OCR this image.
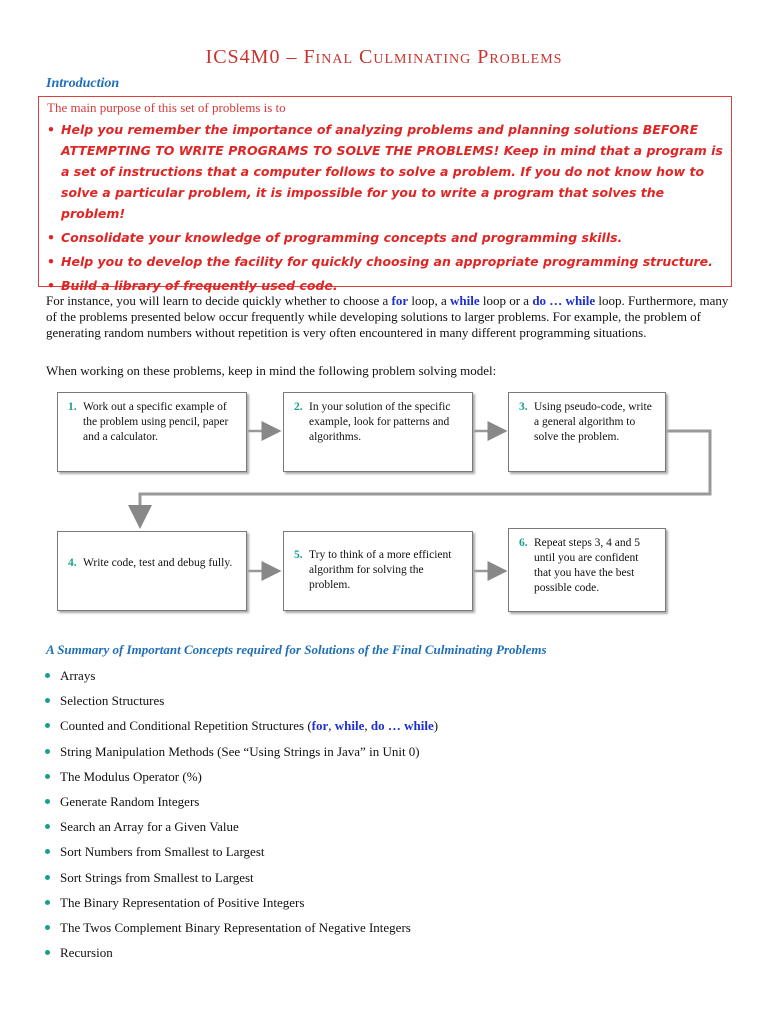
ICS4M0 – Final Culminating Problems
Introduction
The main purpose of this set of problems is to
• Help you remember the importance of analyzing problems and planning solutions BEFORE ATTEMPTING TO WRITE PROGRAMS TO SOLVE THE PROBLEMS! Keep in mind that a program is a set of instructions that a computer follows to solve a problem. If you do not know how to solve a particular problem, it is impossible for you to write a program that solves the problem!
• Consolidate your knowledge of programming concepts and programming skills.
• Help you to develop the facility for quickly choosing an appropriate programming structure.
• Build a library of frequently used code.
For instance, you will learn to decide quickly whether to choose a for loop, a while loop or a do … while loop. Furthermore, many of the problems presented below occur frequently while developing solutions to larger problems. For example, the problem of generating random numbers without repetition is very often encountered in many different programming situations.
When working on these problems, keep in mind the following problem solving model:
1. Work out a specific example of the problem using pencil, paper and a calculator.
2. In your solution of the specific example, look for patterns and algorithms.
3. Using pseudo-code, write a general algorithm to solve the problem.
4. Write code, test and debug fully.
5. Try to think of a more efficient algorithm for solving the problem.
6. Repeat steps 3, 4 and 5 until you are confident that you have the best possible code.
A Summary of Important Concepts required for Solutions of the Final Culminating Problems
Arrays
Selection Structures
Counted and Conditional Repetition Structures (for, while, do … while)
String Manipulation Methods (See “Using Strings in Java” in Unit 0)
The Modulus Operator (%)
Generate Random Integers
Search an Array for a Given Value
Sort Numbers from Smallest to Largest
Sort Strings from Smallest to Largest
The Binary Representation of Positive Integers
The Twos Complement Binary Representation of Negative Integers
Recursion
